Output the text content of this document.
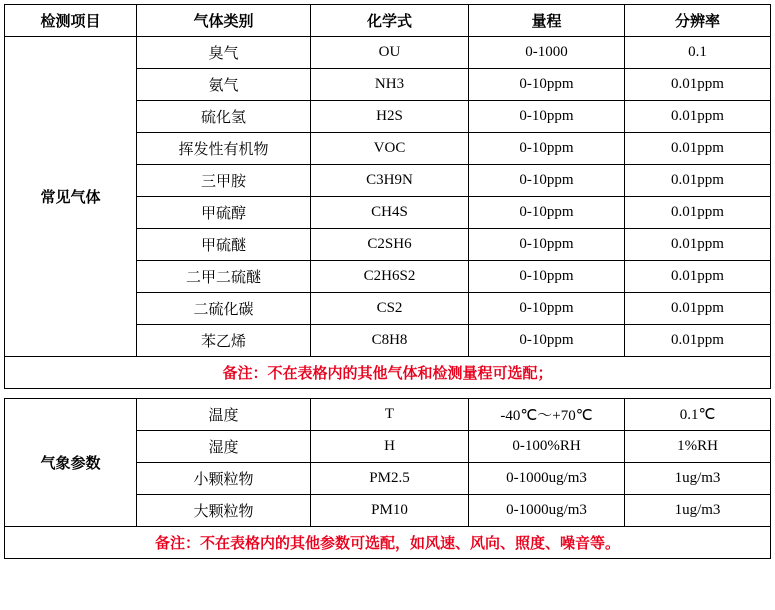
检测项目	气体类别	化学式	量程	分辨率
常见气体	臭气	OU	0-1000	0.1
	氨气	NH3	0-10ppm	0.01ppm
	硫化氢	H2S	0-10ppm	0.01ppm
	挥发性有机物	VOC	0-10ppm	0.01ppm
	三甲胺	C3H9N	0-10ppm	0.01ppm
	甲硫醇	CH4S	0-10ppm	0.01ppm
	甲硫醚	C2SH6	0-10ppm	0.01ppm
	二甲二硫醚	C2H6S2	0-10ppm	0.01ppm
	二硫化碳	CS2	0-10ppm	0.01ppm
	苯乙烯	C8H8	0-10ppm	0.01ppm
备注：不在表格内的其他气体和检测量程可选配；				
气象参数	温度	T	-40℃～+70℃	0.1℃
	湿度	H	0-100%RH	1%RH
	小颗粒物	PM2.5	0-1000ug/m3	1ug/m3
	大颗粒物	PM10	0-1000ug/m3	1ug/m3
备注：不在表格内的其他参数可选配，如风速、风向、照度、噪音等。				
